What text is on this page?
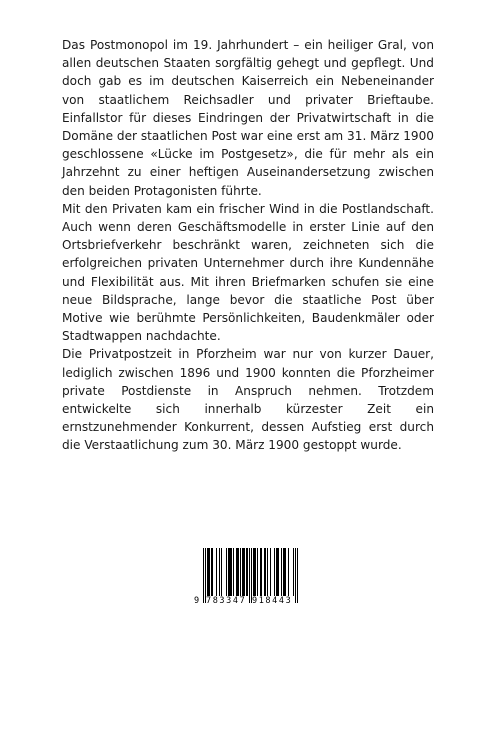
Das Postmonopol im 19. Jahrhundert – ein heiliger Gral, von allen deutschen Staaten sorgfältig gehegt und gepflegt. Und doch gab es im deutschen Kaiserreich ein Nebeneinander von staatlichem Reichsadler und privater Brieftaube. Einfallstor für dieses Eindringen der Privatwirtschaft in die Domäne der staatlichen Post war eine erst am 31. März 1900 geschlossene «Lücke im Postgesetz», die für mehr als ein Jahrzehnt zu einer heftigen Auseinandersetzung zwischen den beiden Protagonisten führte.

Mit den Privaten kam ein frischer Wind in die Postlandschaft. Auch wenn deren Geschäftsmodelle in erster Linie auf den Ortsbriefverkehr beschränkt waren, zeichneten sich die erfolgreichen privaten Unternehmer durch ihre Kundennähe und Flexibilität aus. Mit ihren Briefmarken schufen sie eine neue Bildsprache, lange bevor die staatliche Post über Motive wie berühmte Persönlichkeiten, Baudenkmäler oder Stadtwappen nachdachte.

Die Privatpostzeit in Pforzheim war nur von kurzer Dauer, lediglich zwischen 1896 und 1900 konnten die Pforzheimer private Postdienste in Anspruch nehmen. Trotzdem entwickelte sich innerhalb kürzester Zeit ein ernstzunehmender Konkurrent, dessen Aufstieg erst durch die Verstaatlichung zum 30. März 1900 gestoppt wurde.

9 783347 918443
